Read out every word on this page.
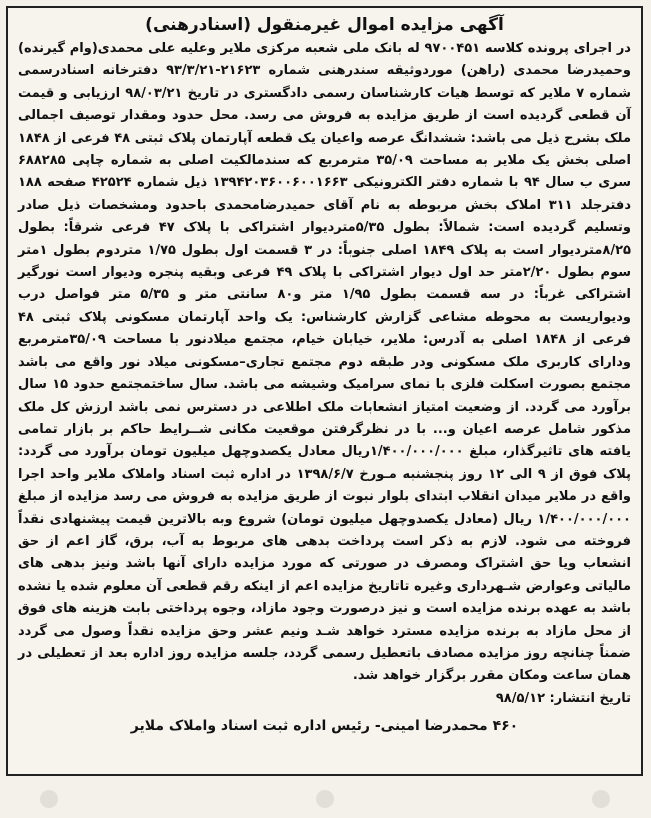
آگهی مزایده اموال غیرمنقول (اسنادرهنی)

در اجرای پرونده کلاسه ۹۷۰۰۴۵۱ له بانک ملی شعبه مرکزی ملایر وعلیه علی محمدی(وام گیرنده) وحمیدرضا محمدی (راهن) موردوثیقه سندرهنی شماره ۲۱۶۲۳-۹۳/۳/۲۱ دفترخانه اسنادرسمی شماره ۷ ملایر که توسط هیات کارشناسان رسمی دادگستری در تاریخ ۹۸/۰۳/۲۱ ارزیابی و قیمت آن قطعی گردیده است از طریق مزایده به فروش می رسد. محل حدود ومقدار توصیف اجمالی ملک بشرح ذیل می باشد: ششدانگ عرصه واعیان یک قطعه آپارتمان پلاک ثبتی ۴۸ فرعی از ۱۸۴۸ اصلی بخش یک ملایر به مساحت ۳۵/۰۹ مترمربع که سندمالکیت اصلی به شماره چاپی ۶۸۸۲۸۵ سری ب سال ۹۴ با شماره دفتر الکترونیکی ۱۳۹۴۲۰۳۶۰۰۶۰۰۱۶۶۳ ذیل شماره ۴۲۵۲۴ صفحه ۱۸۸ دفترجلد ۳۱۱ املاک بخش مربوطه به نام آقای حمیدرضامحمدی باحدود ومشخصات ذیل صادر وتسلیم گردیده است: شمالاً: بطول ۵/۳۵متردیوار اشتراکی با پلاک ۴۷ فرعی شرقاً: بطول ۸/۲۵متردیوار است به پلاک ۱۸۴۹ اصلی جنوباً: در ۳ قسمت اول بطول ۱/۷۵ متردوم بطول ۱متر سوم بطول ۲/۲۰متر حد اول دیوار اشتراکی با پلاک ۴۹ فرعی وبقیه پنجره ودیوار است نورگیر اشتراکی غرباً: در سه قسمت بطول ۱/۹۵ متر و۸۰ سانتی متر و ۵/۳۵ متر فواصل درب ودیواریست به محوطه مشاعی گزارش کارشناس: یک واحد آپارتمان مسکونی پلاک ثبتی ۴۸ فرعی از ۱۸۴۸ اصلی به آدرس: ملایر، خیابان خیام، مجتمع میلادنور با مساحت ۳۵/۰۹مترمربع ودارای کاربری ملک مسکونی ودر طبقه دوم مجتمع تجاری–مسکونی میلاد نور واقع می باشد مجتمع بصورت اسکلت فلزی با نمای سرامیک وشیشه می باشد. سال ساختمجتمع حدود ۱۵ سال برآورد می گردد. از وضعیت امتیاز انشعابات ملک اطلاعی در دسترس نمی باشد ارزش کل ملک مذکور شامل عرصه اعیان و... با در نظرگرفتن موقعیت مکانی شــرایط حاکم بر بازار تمامی یافته های تاثیرگذار، مبلغ ۱/۴۰۰/۰۰۰/۰۰۰ریال معادل یکصدوچهل میلیون تومان برآورد می گردد: پلاک فوق از ۹ الی ۱۲ روز پنجشنبه مـورخ ۱۳۹۸/۶/۷ در اداره ثبت اسناد واملاک ملایر واحد اجرا واقع در ملایر میدان انقلاب ابتدای بلوار نبوت از طریق مزایده به فروش می رسد مزایده از مبلغ ۱/۴۰۰/۰۰۰/۰۰۰ ریال (معادل یکصدوچهل میلیون تومان) شروع وبه بالاترین قیمت پیشنهادی نقداً فروخته می شود. لازم به ذکر است پرداخت بدهی های مربوط به آب، برق، گاز اعم از حق انشعاب ویا حق اشتراک ومصرف در صورتی که مورد مزایده دارای آنها باشد ونیز بدهی های مالیاتی وعوارض شـهرداری وغیره تاتاریخ مزایده اعم از اینکه رقم قطعی آن معلوم شده یا نشده باشد به عهده برنده مزایده است و نیز درصورت وجود مازاد، وجوه پرداختی بابت هزینه های فوق از محل مازاد به برنده مزایده مسترد خواهد شـد ونیم عشر وحق مزایده نقداً وصول می گردد ضمناً چنانچه روز مزایده مصادف باتعطیل رسمی گردد، جلسه مزایده روز اداره بعد از تعطیلی در همان ساعت ومکان مقرر برگزار خواهد شد.

تاریخ انتشار: ۹۸/۵/۱۲

۴۶۰ محمدرضا امینی- رئیس اداره ثبت اسناد واملاک ملایر
